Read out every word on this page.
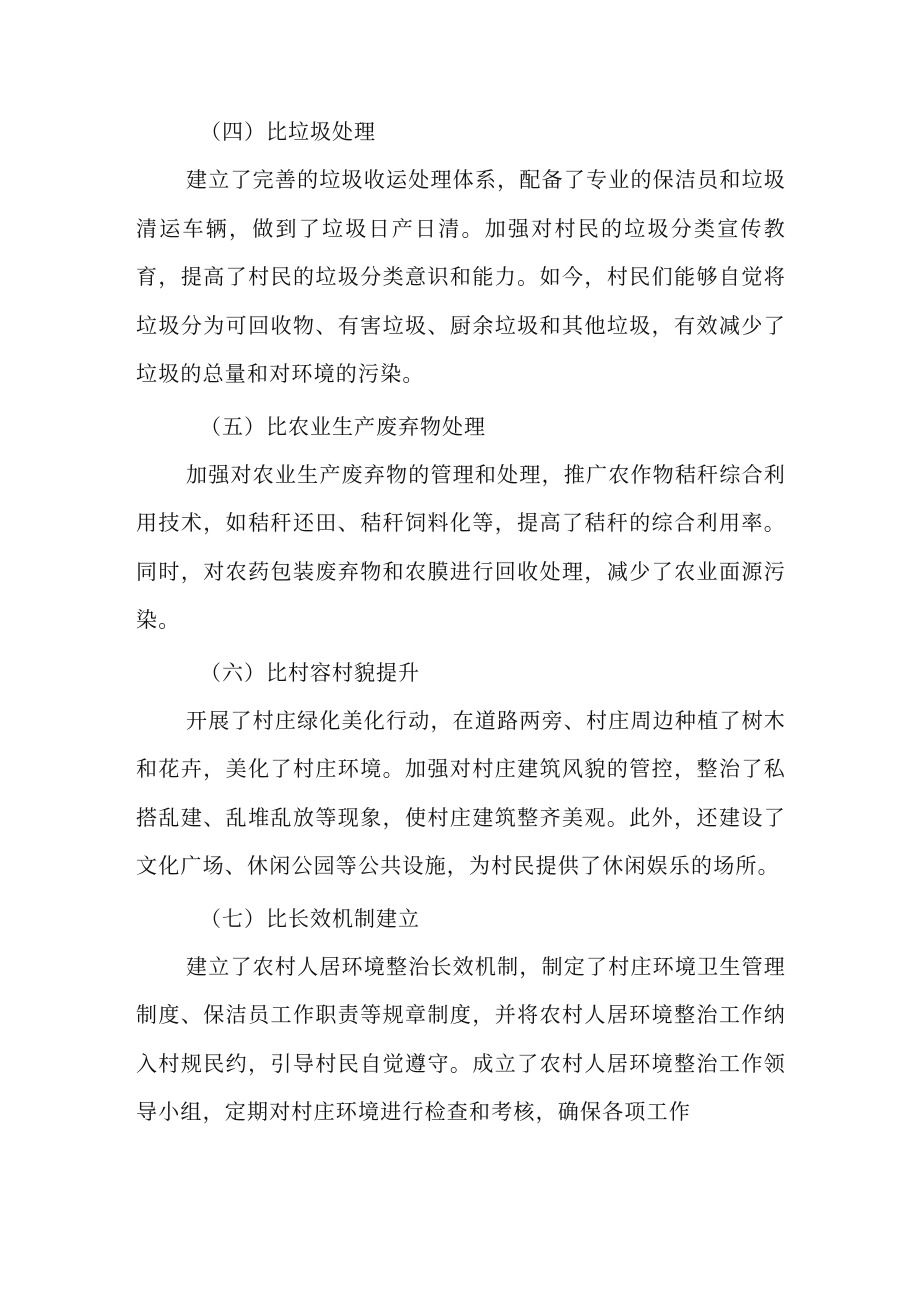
（四）比垃圾处理

建立了完善的垃圾收运处理体系，配备了专业的保洁员和垃圾清运车辆，做到了垃圾日产日清。加强对村民的垃圾分类宣传教育，提高了村民的垃圾分类意识和能力。如今，村民们能够自觉将垃圾分为可回收物、有害垃圾、厨余垃圾和其他垃圾，有效减少了垃圾的总量和对环境的污染。

（五）比农业生产废弃物处理

加强对农业生产废弃物的管理和处理，推广农作物秸秆综合利用技术，如秸秆还田、秸秆饲料化等，提高了秸秆的综合利用率。同时，对农药包装废弃物和农膜进行回收处理，减少了农业面源污染。

（六）比村容村貌提升

开展了村庄绿化美化行动，在道路两旁、村庄周边种植了树木和花卉，美化了村庄环境。加强对村庄建筑风貌的管控，整治了私搭乱建、乱堆乱放等现象，使村庄建筑整齐美观。此外，还建设了文化广场、休闲公园等公共设施，为村民提供了休闲娱乐的场所。

（七）比长效机制建立

建立了农村人居环境整治长效机制，制定了村庄环境卫生管理制度、保洁员工作职责等规章制度，并将农村人居环境整治工作纳入村规民约，引导村民自觉遵守。成立了农村人居环境整治工作领导小组，定期对村庄环境进行检查和考核，确保各项工作
